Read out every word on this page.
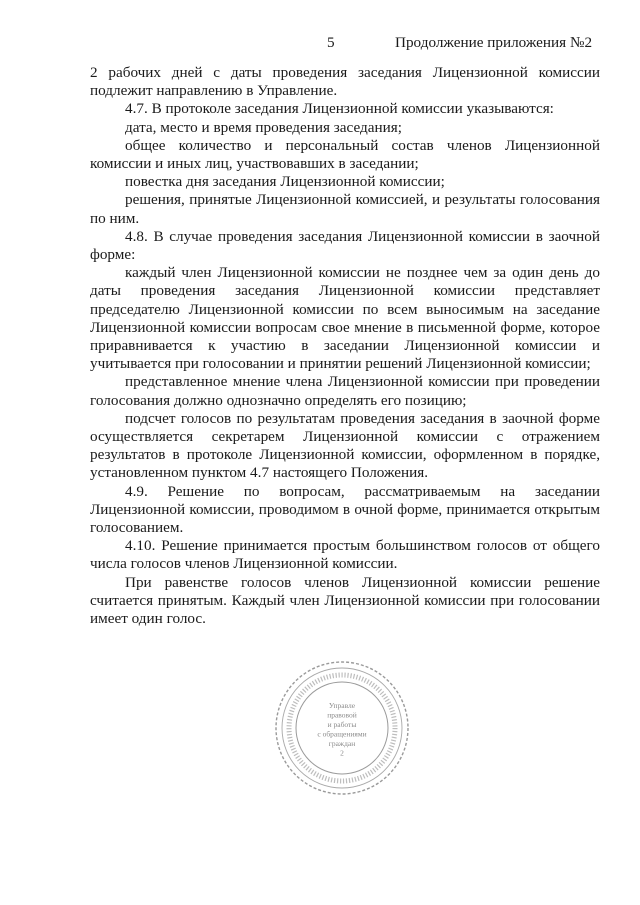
5	Продолжение приложения №2

2 рабочих дней с даты проведения заседания Лицензионной комиссии подлежит направлению в Управление.

4.7. В протоколе заседания Лицензионной комиссии указываются:

дата, место и время проведения заседания;

общее количество и персональный состав членов Лицензионной комиссии и иных лиц, участвовавших в заседании;

повестка дня заседания Лицензионной комиссии;

решения, принятые Лицензионной комиссией, и результаты голосования по ним.

4.8. В случае проведения заседания Лицензионной комиссии в заочной форме:

каждый член Лицензионной комиссии не позднее чем за один день до даты проведения заседания Лицензионной комиссии представляет председателю Лицензионной комиссии по всем выносимым на заседание Лицензионной комиссии вопросам свое мнение в письменной форме, которое приравнивается к участию в заседании Лицензионной комиссии и учитывается при голосовании и принятии решений Лицензионной комиссии;

представленное мнение члена Лицензионной комиссии при проведении голосования должно однозначно определять его позицию;

подсчет голосов по результатам проведения заседания в заочной форме осуществляется секретарем Лицензионной комиссии с отражением результатов в протоколе Лицензионной комиссии, оформленном в порядке, установленном пунктом 4.7 настоящего Положения.

4.9. Решение по вопросам, рассматриваемым на заседании Лицензионной комиссии, проводимом в очной форме, принимается открытым голосованием.

4.10. Решение принимается простым большинством голосов от общего числа голосов членов Лицензионной комиссии.

При равенстве голосов членов Лицензионной комиссии решение считается принятым. Каждый член Лицензионной комиссии при голосовании имеет один голос.

Управле
правовой
и работы
с обращениями
граждан
2
